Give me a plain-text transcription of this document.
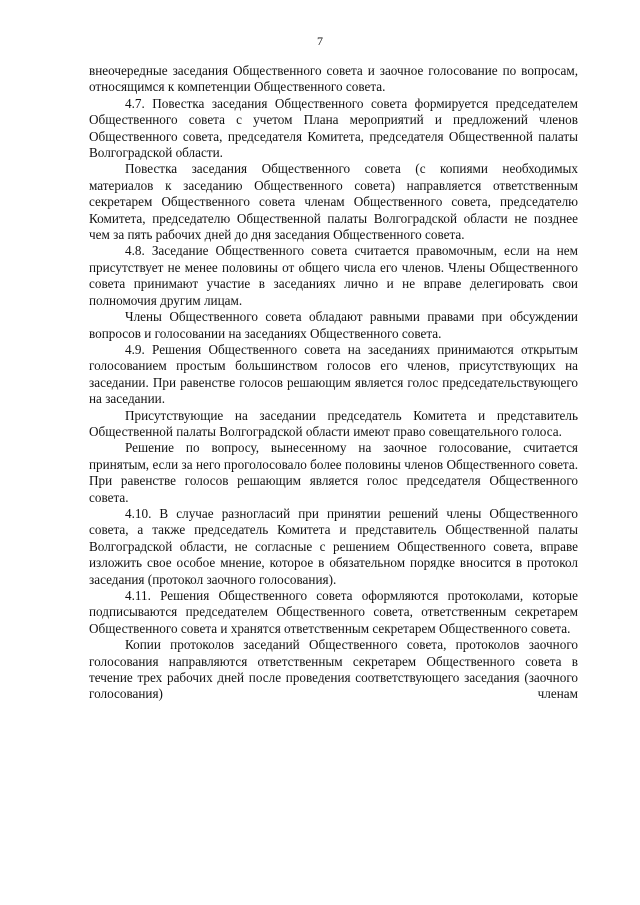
7

внеочередные заседания Общественного совета и заочное голосование по вопросам, относящимся к компетенции Общественного совета.

4.7. Повестка заседания Общественного совета формируется председателем Общественного совета с учетом Плана мероприятий и предложений членов Общественного совета, председателя Комитета, председателя Общественной палаты Волгоградской области.

Повестка заседания Общественного совета (с копиями необходимых материалов к заседанию Общественного совета) направляется ответственным секретарем Общественного совета членам Общественного совета, председателю Комитета, председателю Общественной палаты Волгоградской области не позднее чем за пять рабочих дней до дня заседания Общественного совета.

4.8. Заседание Общественного совета считается правомочным, если на нем присутствует не менее половины от общего числа его членов. Члены Общественного совета принимают участие в заседаниях лично и не вправе делегировать свои полномочия другим лицам.

Члены Общественного совета обладают равными правами при обсуждении вопросов и голосовании на заседаниях Общественного совета.

4.9. Решения Общественного совета на заседаниях принимаются открытым голосованием простым большинством голосов его членов, присутствующих на заседании. При равенстве голосов решающим является голос председательствующего на заседании.

Присутствующие на заседании председатель Комитета и представитель Общественной палаты Волгоградской области имеют право совещательного голоса.

Решение по вопросу, вынесенному на заочное голосование, считается принятым, если за него проголосовало более половины членов Общественного совета. При равенстве голосов решающим является голос председателя Общественного совета.

4.10. В случае разногласий при принятии решений члены Общественного совета, а также председатель Комитета и представитель Общественной палаты Волгоградской области, не согласные с решением Общественного совета, вправе изложить свое особое мнение, которое в обязательном порядке вносится в протокол заседания (протокол заочного голосования).

4.11. Решения Общественного совета оформляются протоколами, которые подписываются председателем Общественного совета, ответственным секретарем Общественного совета и хранятся ответственным секретарем Общественного совета.

Копии протоколов заседаний Общественного совета, протоколов заочного голосования направляются ответственным секретарем Общественного совета в течение трех рабочих дней после проведения соответствующего заседания (заочного голосования) членам
